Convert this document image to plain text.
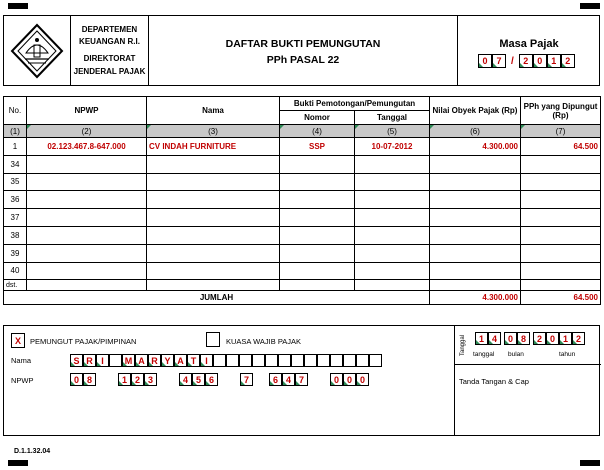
DEPARTEMEN
KEUANGAN R.I.
DIREKTORAT
JENDERAL PAJAK
DAFTAR BUKTI PEMUNGUTAN
PPh PASAL 22
Masa Pajak
0 7 /	2 0 1 2
No.	NPWP	Nama	Bukti Pemotongan/Pemungutan		Nilai Obyek Pajak (Rp)	PPh yang Dipungut (Rp)
			Nomor	Tanggal		
(1)	(2)	(3)	(4)	(5)	(6)	(7)
1	02.123.467.8-647.000	CV INDAH FURNITURE	SSP	10-07-2012	4.300.000	64.500
34						
35						
36						
37						
38						
39						
40						
dst.						
JUMLAH					4.300.000	64.500
X	PEMUNGUT PAJAK/PIMPINAN	KUASA WAJIB PAJAK
Nama	S R I	M A R Y A T I
NPWP	0 8	1 2 3	4 5 6	7	6 4 7	0 0 0
Tanggal	1 4	0 8	2 0 1 2
tanggal bulan	tahun
Tanda Tangan & Cap
D.1.1.32.04
